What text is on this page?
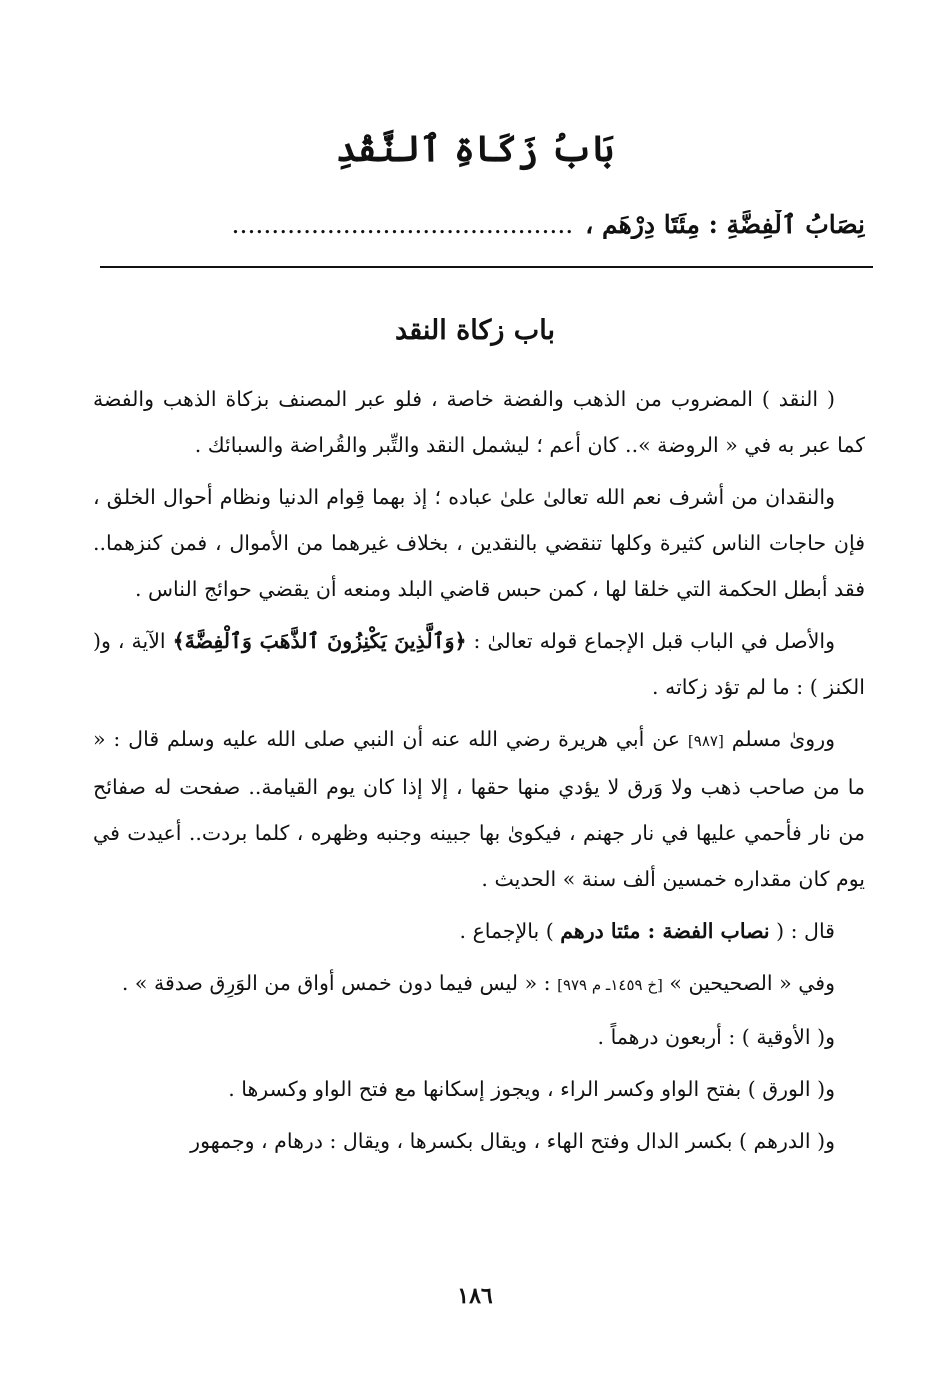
بَابُ زَكَاةِ ٱلنَّقْدِ
نِصَابُ ٱلْفِضَّةِ : مِئَتَا دِرْهَمٍ ،...........................................
باب زكاة النقد

( النقد ) المضروب من الذهب والفضة خاصة ، فلو عبر المصنف بزكاة الذهب والفضة كما عبر به في « الروضة ».. كان أعم ؛ ليشمل النقد والتِّبر والقُراضة والسبائك .

والنقدان من أشرف نعم الله تعالىٰ علىٰ عباده ؛ إذ بهما قِوام الدنيا ونظام أحوال الخلق ، فإن حاجات الناس كثيرة وكلها تنقضي بالنقدين ، بخلاف غيرهما من الأموال ، فمن كنزهما.. فقد أبطل الحكمة التي خلقا لها ، كمن حبس قاضي البلد ومنعه أن يقضي حوائج الناس .

والأصل في الباب قبل الإجماع قوله تعالىٰ : ﴿وَٱلَّذِينَ يَكْنِزُونَ ٱلذَّهَبَ وَٱلْفِضَّةَ﴾ الآية ، و( الكنز ) : ما لم تؤد زكاته .

وروىٰ مسلم [٩٨٧] عن أبي هريرة رضي الله عنه أن النبي صلى الله عليه وسلم قال : « ما من صاحب ذهب ولا وَرق لا يؤدي منها حقها ، إلا إذا كان يوم القيامة.. صفحت له صفائح من نار فأحمي عليها في نار جهنم ، فيكوىٰ بها جبينه وجنبه وظهره ، كلما بردت.. أعيدت في يوم كان مقداره خمسين ألف سنة » الحديث .

قال : ( نصاب الفضة : مئتا درهم ) بالإجماع .

وفي « الصحيحين » [خ ١٤٥٩ـ م ٩٧٩] : « ليس فيما دون خمس أواق من الوَرِق صدقة » .

و( الأوقية ) : أربعون درهماً .

و( الورق ) بفتح الواو وكسر الراء ، ويجوز إسكانها مع فتح الواو وكسرها .

و( الدرهم ) بكسر الدال وفتح الهاء ، ويقال بكسرها ، ويقال : درهام ، وجمهور

١٨٦
